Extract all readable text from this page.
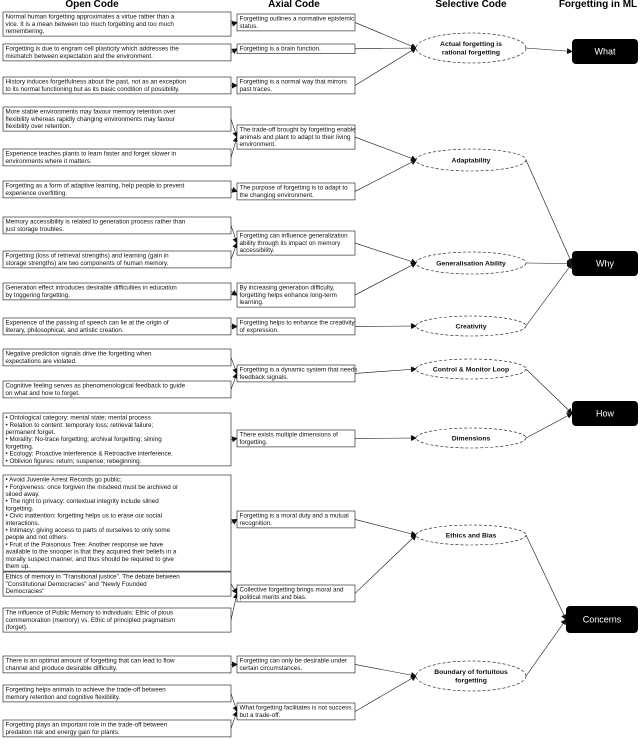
Open Code	Axial Code	Selective Code	Forgetting in ML
Normal human forgetting approximates a virtue rather than a
vice. It is a mean between too much forgetting and too much
remembering.
Forgetting is due to engram cell plasticity which addresses the
mismatch between expectation and the environment.
History induces forgetfulness about the past, not as an exception
to its normal functioning but as its basic condition of possibility.
More stable environments may favour memory retention over
flexibility whereas rapidly changing environments may favour
flexibility over retention.
Experience teaches plants to learn faster and forget slower in
environments where it matters.
Forgetting as a form of adaptive learning, help people to prevent
experience overfitting.
Memory accessibility is related to generation process rather than
just storage troubles.
Forgetting (loss of retrieval strengths) and learning (gain in
storage strengths) are two components of human memory.
Generation effect introduces desirable difficulties in education
by triggering forgetting.
Experience of the passing of speech can lie at the origin of
literary, philosophical, and artistic creation.
Negative prediction signals drive the forgetting when
expectations are violated.
Cognitive feeling serves as phenomenological feedback to guide
on what and how to forget.
• Ontological category: mental state; mental process
• Relation to content: temporary loss; retrieval failure;
permanent forget.
• Morality: No-trace forgetting; archival forgetting; silning
forgetting.
• Ecology: Proactive interference & Retroactive interference.
• Oblivion figures: return; suspense; rebeginning.
• Avoid Juvenile Arrest Records go public;
• Forgiveness: once forgiven the misdeed must be archived or
siloed away.
• The right to privacy: contextual integrity include silned
forgetting.
• Civic inattention: forgetting helps us to erase our social
interactions.
• Intimacy: giving access to parts of ourselves to only some
people and not others.
• Fruit of the Poisonous Tree: Another response we have
available to the snooper is that they acquired their beliefs in a
morally suspect manner, and thus should be required to give
them up.
Ethics of memory in "Transitional justice". The debate between
"Constitutional Democracies" and "Newly Founded
Democracies"
The influence of Public Memory to individuals: Ethic of pious
commemoration (memory) vs. Ethic of principled pragmatism
(forget).
There is an optimal amount of forgetting that can lead to flow
channel and produce desirable difficulty.
Forgetting helps animals to achieve the trade-off between
memory retention and cognitive flexibility.
Forgetting plays an important role in the trade-off between
predation risk and energy gain for plants.
Forgetting outlines a normative epistemic
status.
Forgetting is a brain function.
Forgetting is a normal way that mirrors
past traces.
The trade-off brought by forgetting enable
animals and plant to adapt to their living
environment.
The purpose of forgetting is to adapt to
the changing environment.
Forgetting can influence generalization
ability through its impact on memory
accessibility.
By increasing generation difficulty,
forgetting helps enhance long-term
learning.
Forgetting helps to enhance the creativity
of expression.
Forgetting is a dynamic system that needs
feedback signals.
There exists multiple dimensions of
forgetting.
Forgetting is a moral duty and a mutual
recognition.
Collective forgetting brings moral and
political merits and bias.
Forgetting can only be desirable under
certain circumstances.
What forgetting facilitates is not success
but a trade-off.
Actual forgetting is
rational forgetting
Adaptability
Generalisation Ability
Creativity
Control & Monitor Loop
Dimensions
Ethics and Bias
Boundary of fortuitous
forgetting
What
Why
How
Concerns
